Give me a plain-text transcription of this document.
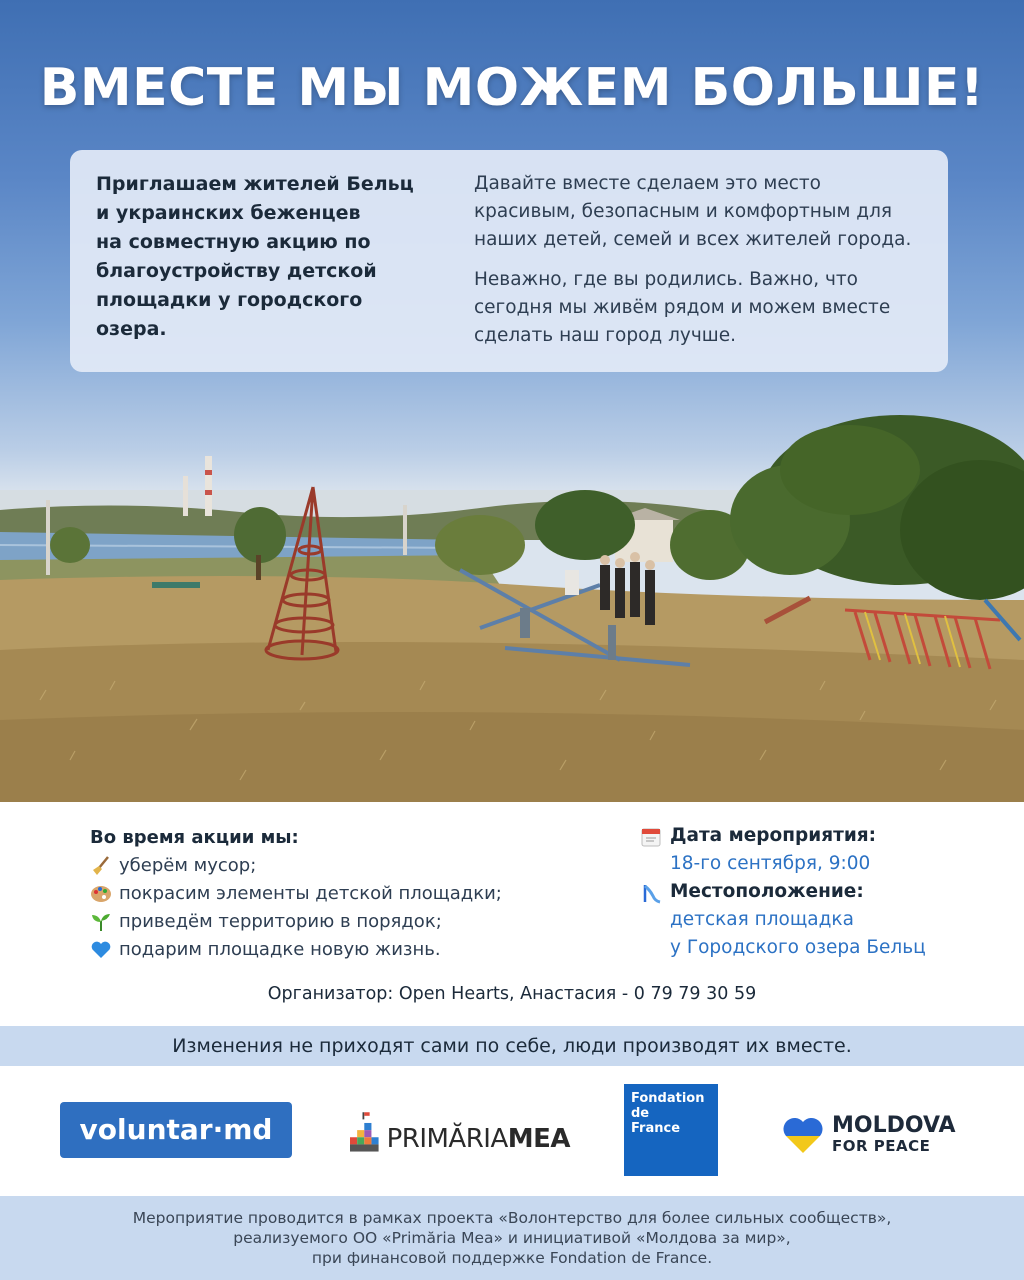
ВМЕСТЕ МЫ МОЖЕМ БОЛЬШЕ!
Приглашаем жителей Бельц
и украинских беженцев
на совместную акцию по
благоустройству детской
площадки у городского
озера.

Давайте вместе сделаем это место
красивым, безопасным и комфортным для
наших детей, семей и всех жителей города.

Неважно, где вы родились. Важно, что
сегодня мы живём рядом и можем вместе
сделать наш город лучше.

Во время акции мы:
уберём мусор;
покрасим элементы детской площадки;
приведём территорию в порядок;
подарим площадке новую жизнь.
Дата мероприятия:
18-го сентября, 9:00
Местоположение:
детская площадка
у Городского озера Бельц
Организатор: Open Hearts, Анастасия - 0 79 79 30 59
Изменения не приходят сами по себе, люди производят их вместе.
voluntar·md	PRIMĂRIAMEA
Fondation
de
France	MOLDOVA
FOR PEACE
Мероприятие проводится в рамках проекта «Волонтерство для более сильных сообществ»,
реализуемого ОО «Primăria Mea» и инициативой «Молдова за мир»,
при финансовой поддержке Fondation de France.
